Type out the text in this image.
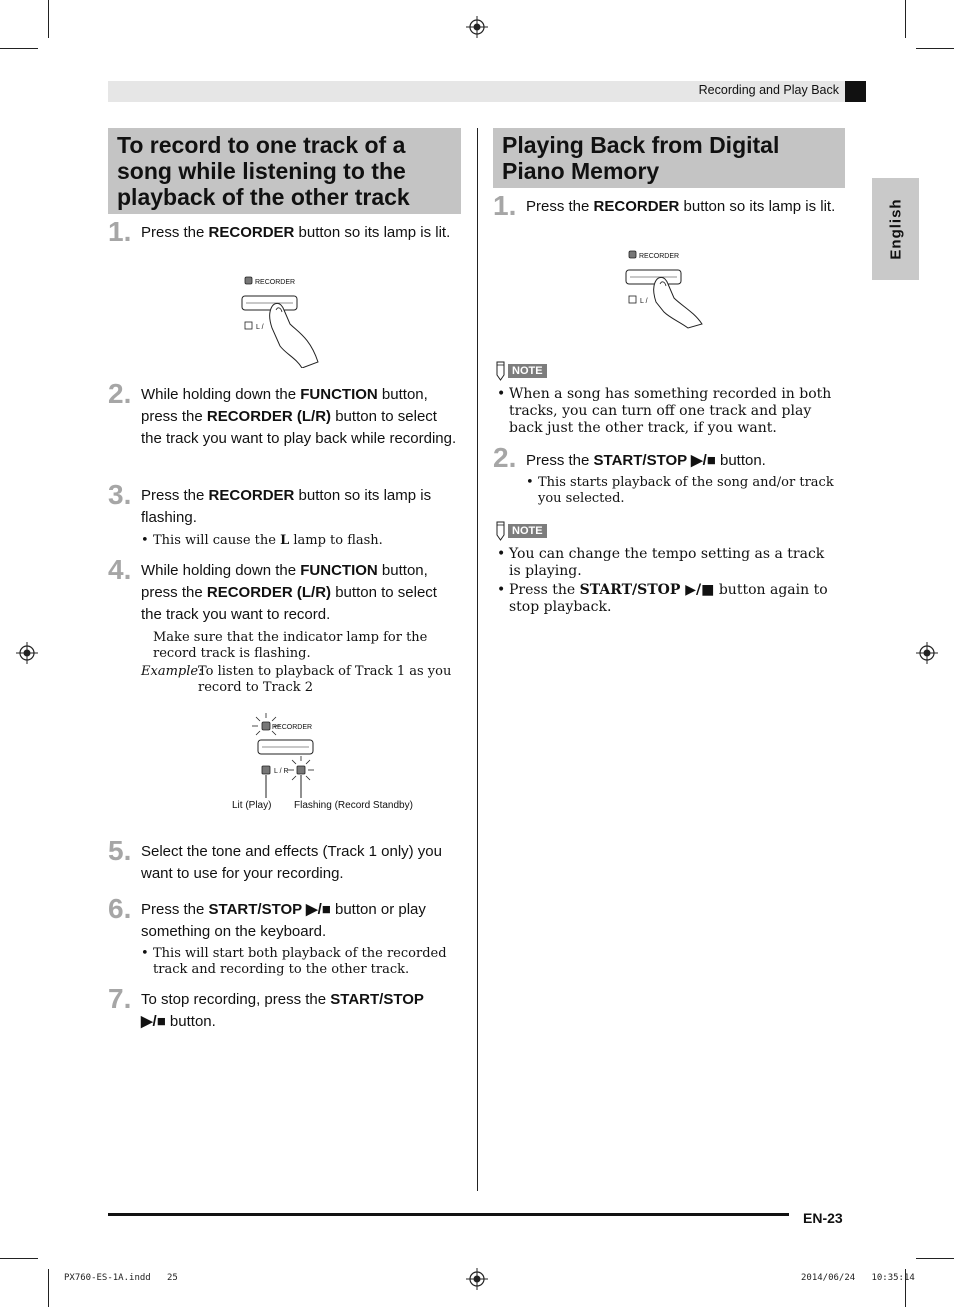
Recording and Play Back
English
To record to one track of a song while listening to the playback of the other track
1. Press the RECORDER button so its lamp is lit.
RECORDER
L /
2. While holding down the FUNCTION button, press the RECORDER (L/R) button to select the track you want to play back while recording.
3. Press the RECORDER button so its lamp is flashing.
• This will cause the L lamp to flash.
4. While holding down the FUNCTION button, press the RECORDER (L/R) button to select the track you want to record.
Make sure that the indicator lamp for the record track is flashing.
Example:
To listen to playback of Track 1 as you record to Track 2
RECORDER
L / R
Lit (Play) Flashing (Record Standby)
5. Select the tone and effects (Track 1 only) you want to use for your recording.
6. Press the START/STOP ▶/■ button or play something on the keyboard.
• This will start both playback of the recorded track and recording to the other track.
7. To stop recording, press the START/STOP
▶/■ button.
Playing Back from Digital Piano Memory
1. Press the RECORDER button so its lamp is lit.
RECORDER
L /
NOTE
• When a song has something recorded in both tracks, you can turn off one track and play back just the other track, if you want.
2. Press the START/STOP ▶/■ button.
• This starts playback of the song and/or track you selected.
NOTE
• You can change the tempo setting as a track is playing.
• Press the START/STOP ▶/■ button again to stop playback.
EN-23
PX760-ES-1A.indd   25	2014/06/24   10:35:14
